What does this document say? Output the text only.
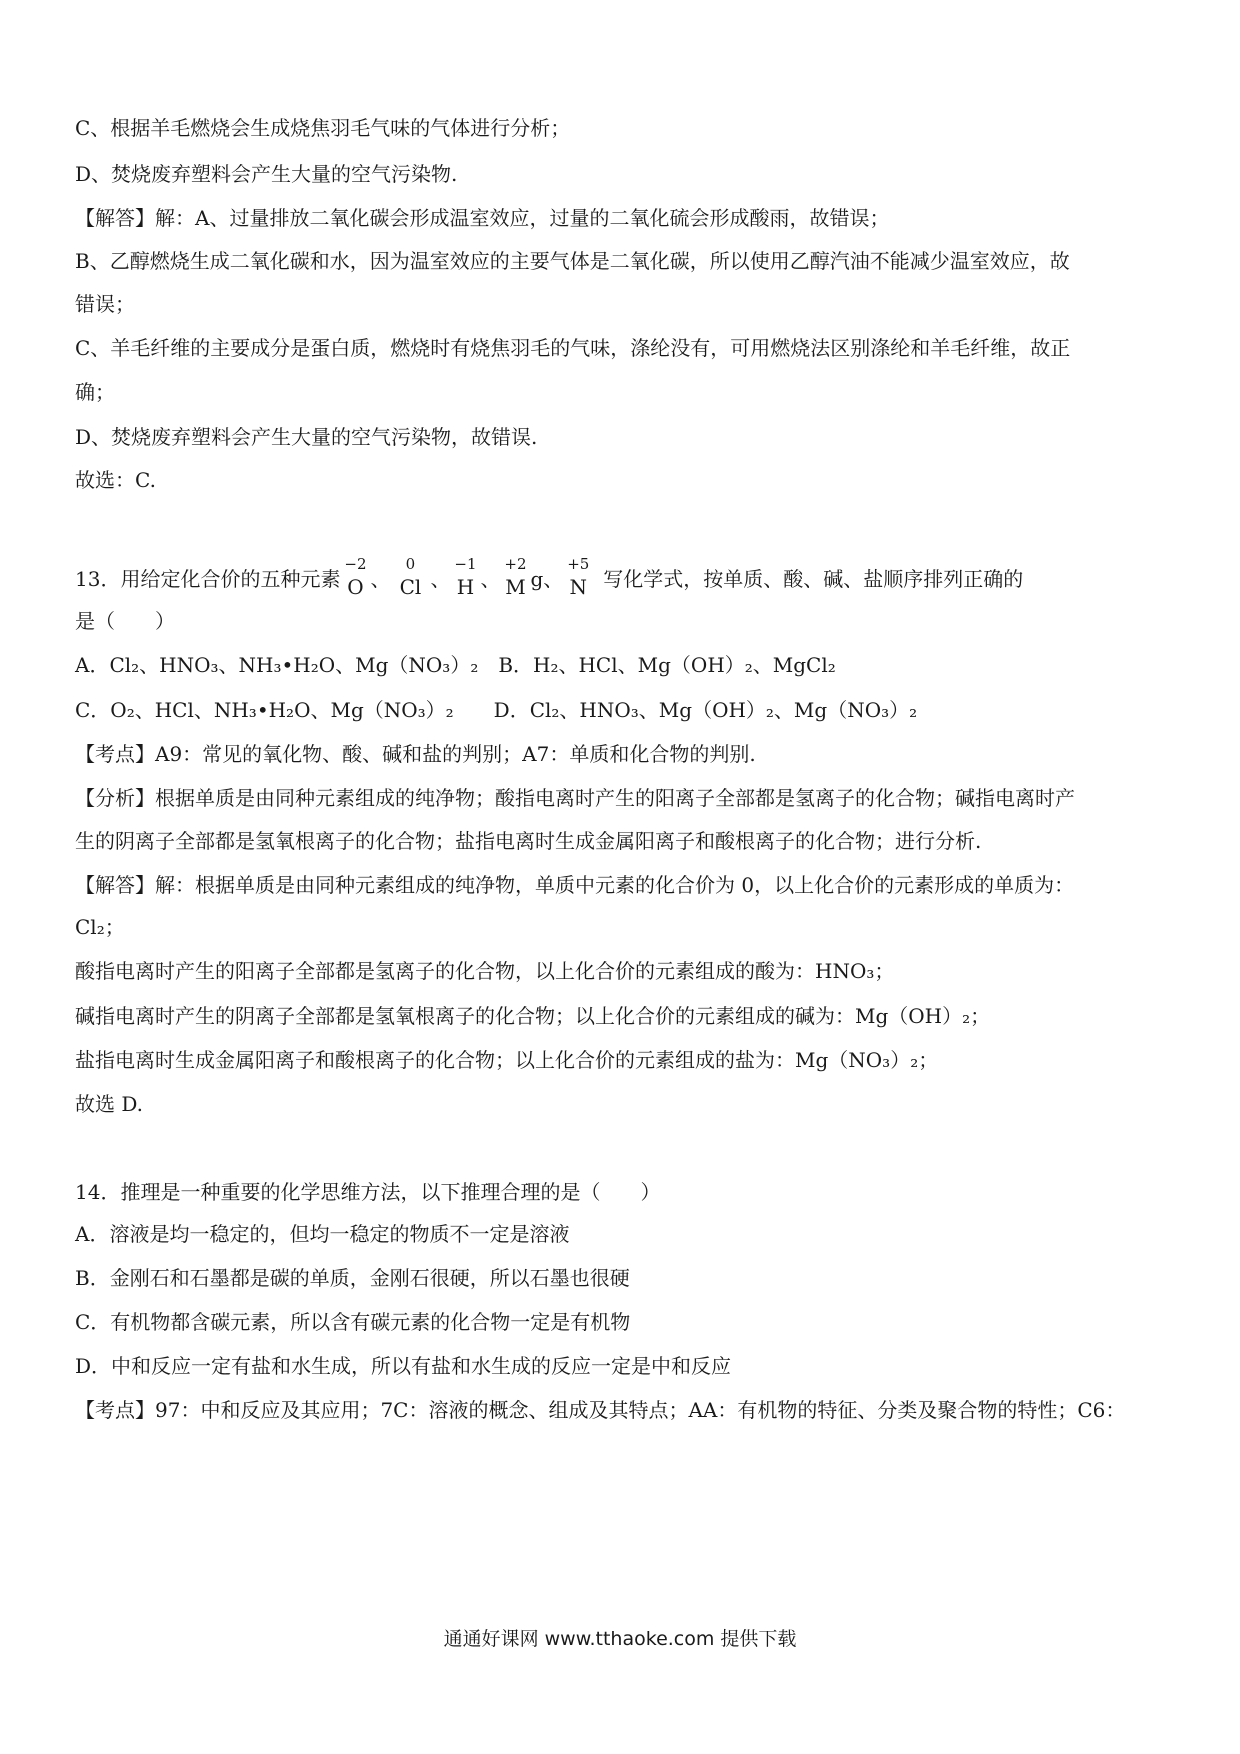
C、根据羊毛燃烧会生成烧焦羽毛气味的气体进行分析；
D、焚烧废弃塑料会产生大量的空气污染物.
【解答】解：A、过量排放二氧化碳会形成温室效应，过量的二氧化硫会形成酸雨，故错误；
B、乙醇燃烧生成二氧化碳和水，因为温室效应的主要气体是二氧化碳，所以使用乙醇汽油不能减少温室效应，故
错误；
C、羊毛纤维的主要成分是蛋白质，燃烧时有烧焦羽毛的气味，涤纶没有，可用燃烧法区别涤纶和羊毛纤维，故正
确；
D、焚烧废弃塑料会产生大量的空气污染物，故错误.
故选：C.
13．用给定化合价的五种元素
−2
O 、
0
Cl 、
−1
H 、
+2
M g、
+5
N 写化学式，按单质、酸、碱、盐顺序排列正确的
是（　　）
A．Cl₂、HNO₃、NH₃•H₂O、Mg（NO₃）₂　B．H₂、HCl、Mg（OH）₂、MgCl₂
C．O₂、HCl、NH₃•H₂O、Mg（NO₃）₂　　D．Cl₂、HNO₃、Mg（OH）₂、Mg（NO₃）₂
【考点】A9：常见的氧化物、酸、碱和盐的判别；A7：单质和化合物的判别.
【分析】根据单质是由同种元素组成的纯净物；酸指电离时产生的阳离子全部都是氢离子的化合物；碱指电离时产
生的阴离子全部都是氢氧根离子的化合物；盐指电离时生成金属阳离子和酸根离子的化合物；进行分析.
【解答】解：根据单质是由同种元素组成的纯净物，单质中元素的化合价为 0，以上化合价的元素形成的单质为：
Cl₂；
酸指电离时产生的阳离子全部都是氢离子的化合物，以上化合价的元素组成的酸为：HNO₃；
碱指电离时产生的阴离子全部都是氢氧根离子的化合物；以上化合价的元素组成的碱为：Mg（OH）₂；
盐指电离时生成金属阳离子和酸根离子的化合物；以上化合价的元素组成的盐为：Mg（NO₃）₂；
故选 D.
14．推理是一种重要的化学思维方法，以下推理合理的是（　　）
A．溶液是均一稳定的，但均一稳定的物质不一定是溶液
B．金刚石和石墨都是碳的单质，金刚石很硬，所以石墨也很硬
C．有机物都含碳元素，所以含有碳元素的化合物一定是有机物
D．中和反应一定有盐和水生成，所以有盐和水生成的反应一定是中和反应
【考点】97：中和反应及其应用；7C：溶液的概念、组成及其特点；AA：有机物的特征、分类及聚合物的特性；C6：
通通好课网 www.tthaoke.com 提供下载
